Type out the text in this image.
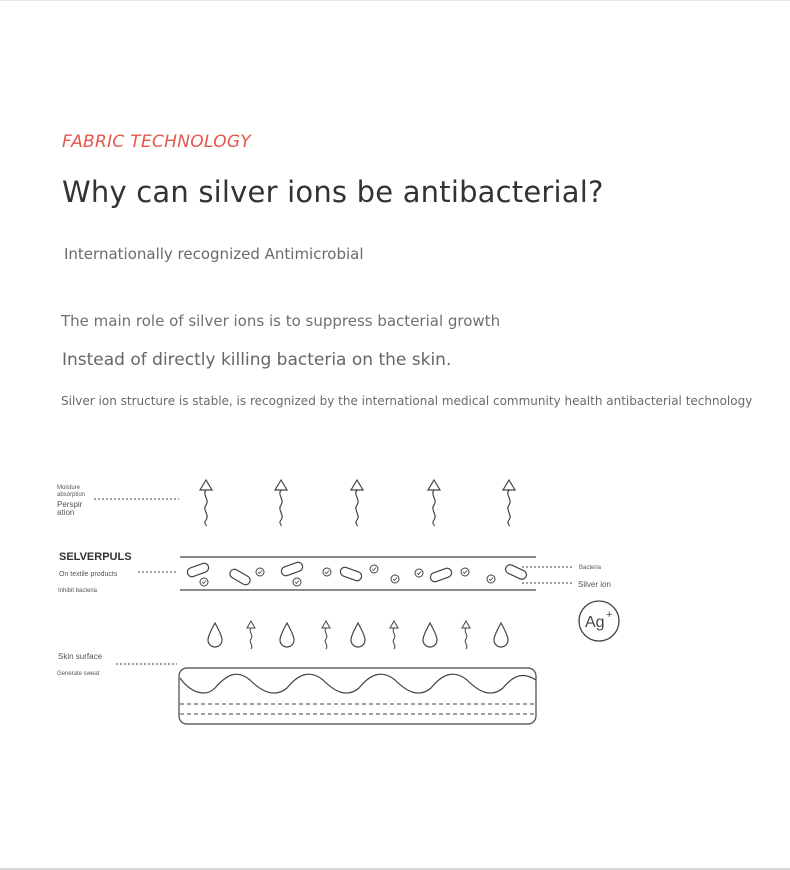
FABRIC TECHNOLOGY
Why can silver ions be antibacterial?
Internationally recognized Antimicrobial
The main role of silver ions is to suppress bacterial growth
Instead of directly killing bacteria on the skin.
Silver ion structure is stable, is recognized by the international medical community health antibacterial technology
Moisture
absorption
Perspir
ation
SELVERPULS
On textile products
Inhibit bacteria
Skin surface
Generate sweat
Bacteria
Silver ion
Ag +
